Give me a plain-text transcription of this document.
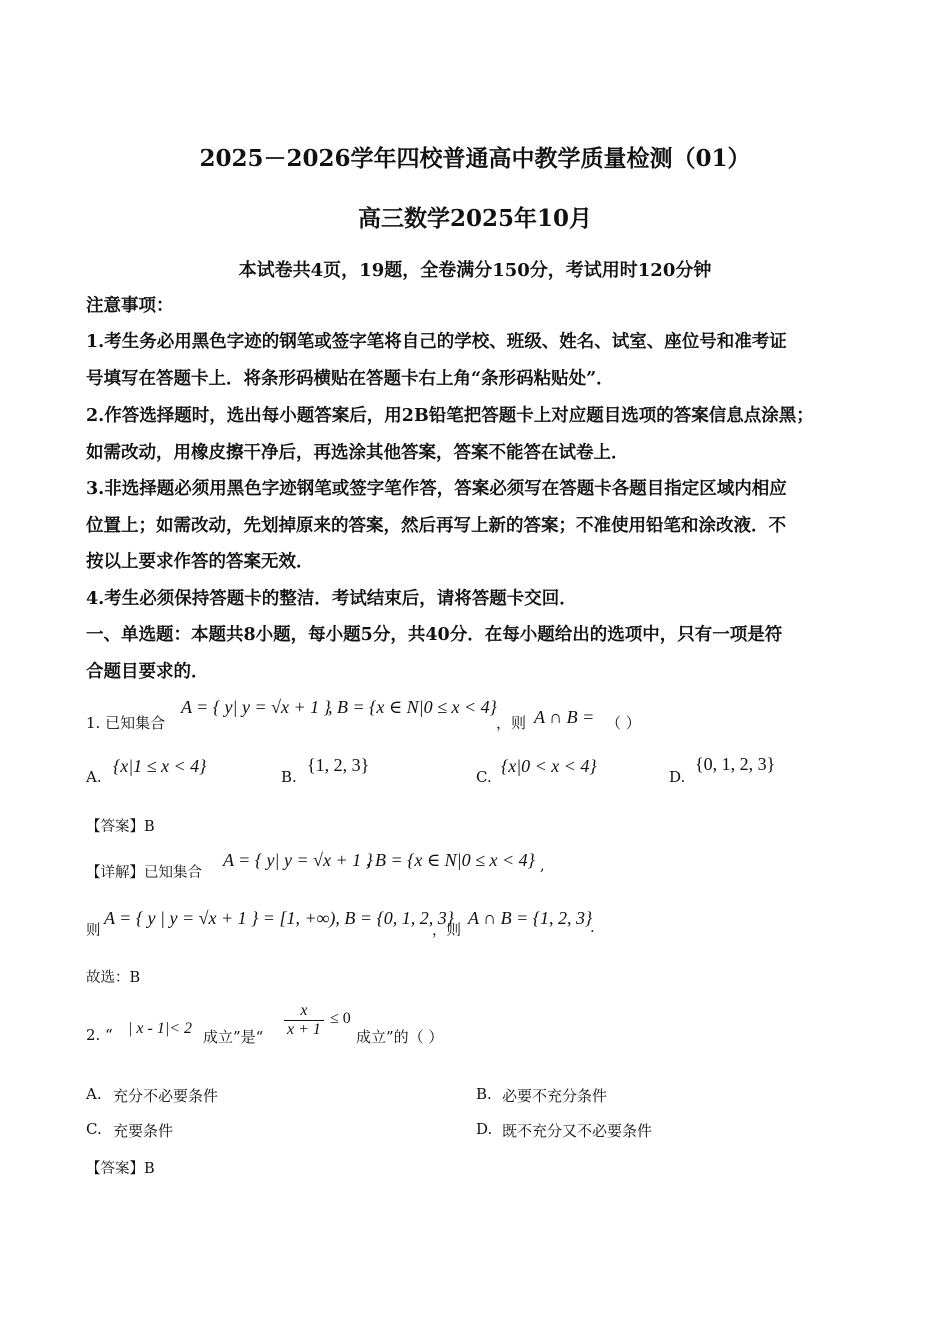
2025－2026学年四校普通高中教学质量检测（01）
高三数学2025年10月
本试卷共4页，19题，全卷满分150分，考试用时120分钟
注意事项：
1.考生务必用黑色字迹的钢笔或签字笔将自己的学校、班级、姓名、试室、座位号和准考证
号填写在答题卡上．将条形码横贴在答题卡右上角“条形码粘贴处”．
2.作答选择题时，选出每小题答案后，用2B铅笔把答题卡上对应题目选项的答案信息点涂黑；
如需改动，用橡皮擦干净后，再选涂其他答案，答案不能答在试卷上．
3.非选择题必须用黑色字迹钢笔或签字笔作答，答案必须写在答题卡各题目指定区域内相应
位置上；如需改动，先划掉原来的答案，然后再写上新的答案；不准使用铅笔和涂改液．不
按以上要求作答的答案无效．
4.考生必须保持答题卡的整洁．考试结束后，请将答题卡交回．
一、单选题：本题共8小题，每小题5分，共40分．在每小题给出的选项中，只有一项是符
合题目要求的．
1. 已知集合
A = { y| y = √x + 1 }
, B = {x ∈ N|0 ≤ x < 4}
，则 A ∩ B = （ ）
A.
{x|1 ≤ x < 4}
B.
{1, 2, 3}
C.
{x|0 < x < 4}
D.
{0, 1, 2, 3}
【答案】B
【详解】已知集合
A = { y| y = √x + 1 }
, B = {x ∈ N|0 ≤ x < 4} ,
则
A = { y | y = √x + 1 } = [1, +∞), B = {0, 1, 2, 3}
，则
A ∩ B = {1, 2, 3}
.
故选：B
2. “ | x - 1|< 2 成立”是“ $\frac{x}{x + 1} \le 0$
成立”的（ ）
A. 充分不必要条件	B. 必要不充分条件
C. 充要条件	D. 既不充分又不必要条件
【答案】B
